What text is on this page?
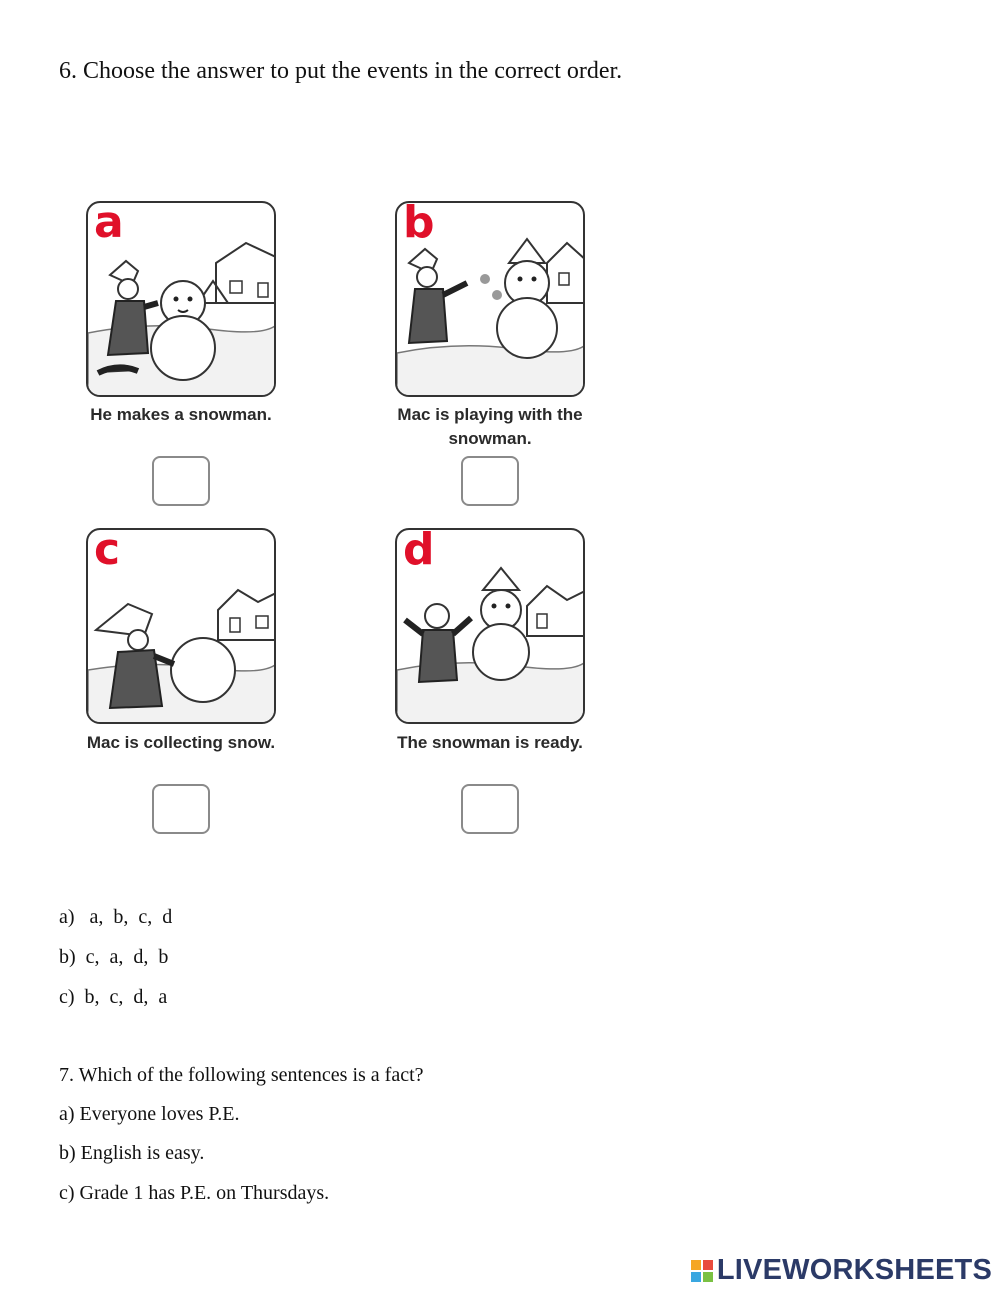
6. Choose the answer to put the events in the correct order.
a
He makes a snowman.
b
Mac is playing with the snowman.
c
Mac is collecting snow.
d
The snowman is ready.
a)   a,  b,  c,  d
b)  c,  a,  d,  b
c)  b,  c,  d,  a
7. Which of the following sentences is a fact?
a) Everyone loves P.E.
b) English is easy.
c) Grade 1 has P.E. on Thursdays.
LIVEWORKSHEETS
